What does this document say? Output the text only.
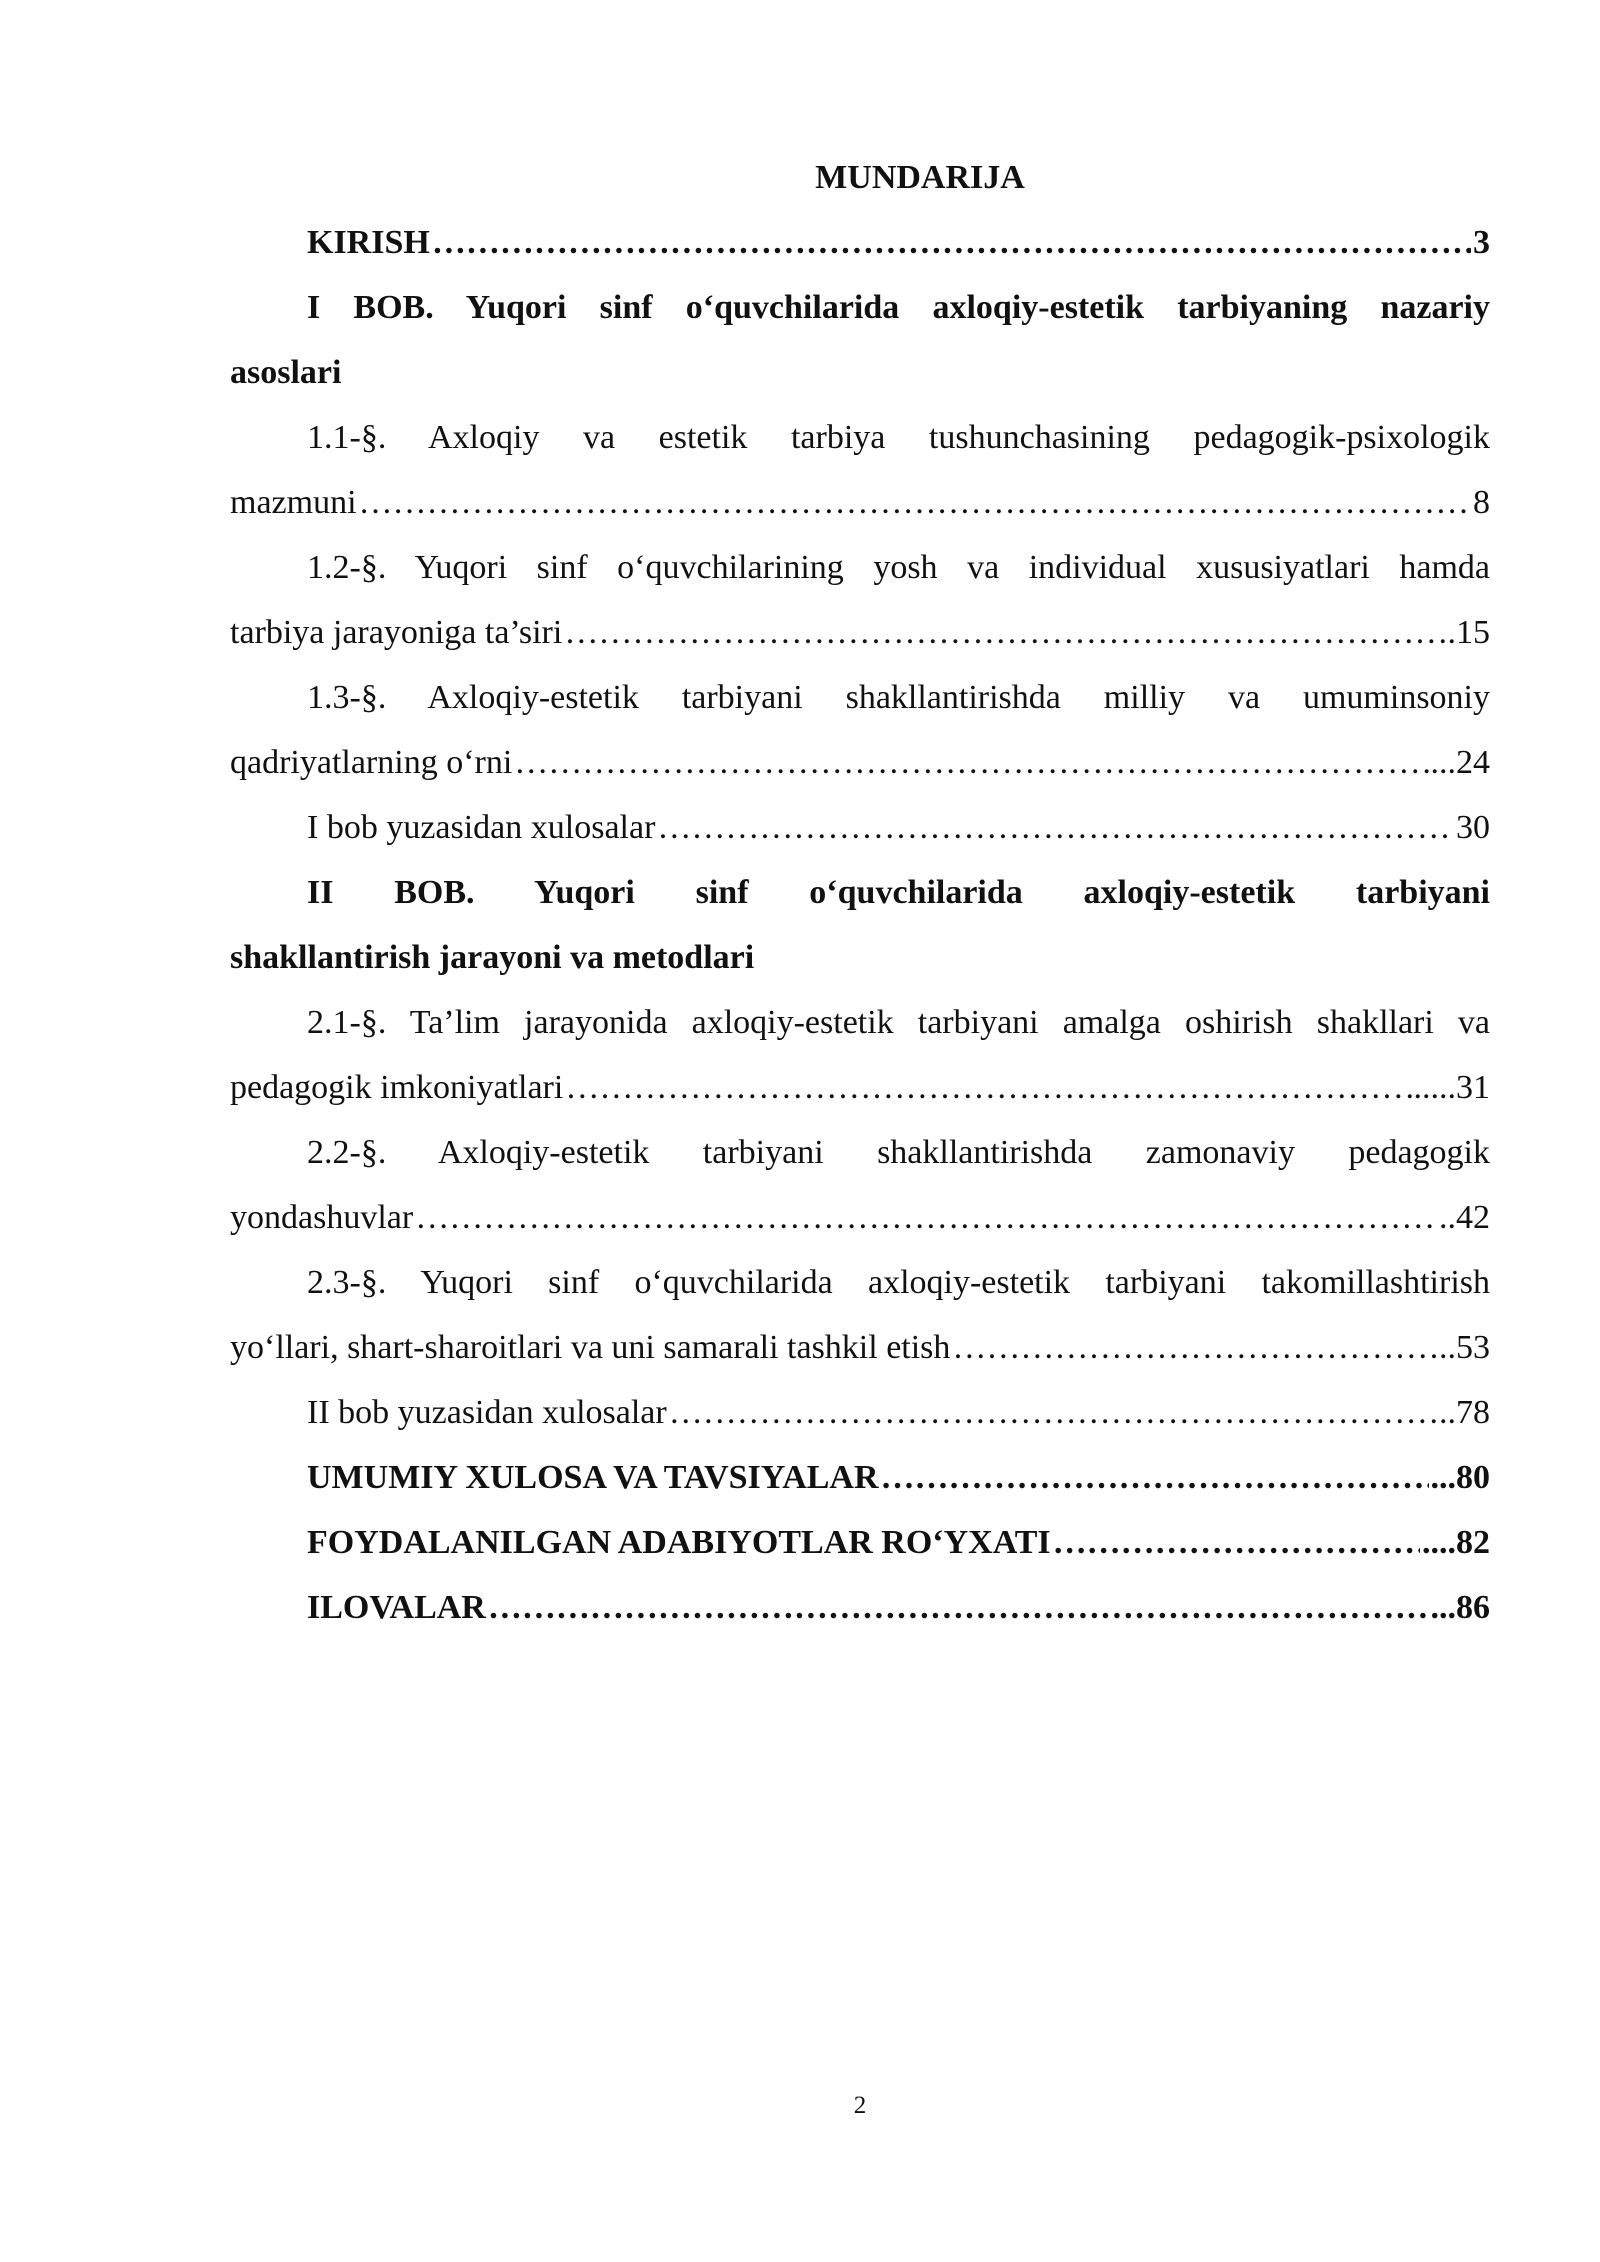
MUNDARIJA
KIRISH ……………………………………………………………………………………………………………………………………………………………………………………	3
I BOB. Yuqori sinf o‘quvchilarida axloqiy-estetik tarbiyaning nazariy
asoslari
1.1-§. Axloqiy va estetik tarbiya tushunchasining pedagogik-psixologik
mazmuni ……………………………………………………………………………………………………………………………………………………………………………………	8
1.2-§. Yuqori sinf o‘quvchilarining yosh va individual xususiyatlari hamda
tarbiya jarayoniga ta’siri ……………………………………………………………………………………………………………………………………………………………………………………	.15
1.3-§. Axloqiy-estetik tarbiyani shakllantirishda milliy va umuminsoniy
qadriyatlarning o‘rni ……………………………………………………………………………………………………………………………………………………………………………………	...24
I bob yuzasidan xulosalar ……………………………………………………………………………………………………………………………………………………………………………………	30
II BOB. Yuqori sinf o‘quvchilarida axloqiy-estetik tarbiyani
shakllantirish jarayoni va metodlari
2.1-§. Ta’lim jarayonida axloqiy-estetik tarbiyani amalga oshirish shakllari va
pedagogik imkoniyatlari ……………………………………………………………………………………………………………………………………………………………………………………	.....31
2.2-§. Axloqiy-estetik tarbiyani shakllantirishda zamonaviy pedagogik
yondashuvlar ……………………………………………………………………………………………………………………………………………………………………………………	..42
2.3-§. Yuqori sinf o‘quvchilarida axloqiy-estetik tarbiyani takomillashtirish
yo‘llari, shart-sharoitlari va uni samarali tashkil etish ……………………………………………………………………………………………………………………………………………………………………………………	..53
II bob yuzasidan xulosalar ……………………………………………………………………………………………………………………………………………………………………………………	..78
UMUMIY XULOSA VA TAVSIYALAR ……………………………………………………………………………………………………………………………………………………………………………………	...80
FOYDALANILGAN ADABIYOTLAR RO‘YXATI ……………………………………………………………………………………………………………………………………………………………………………………	....82
ILOVALAR ……………………………………………………………………………………………………………………………………………………………………………………	...86
2
